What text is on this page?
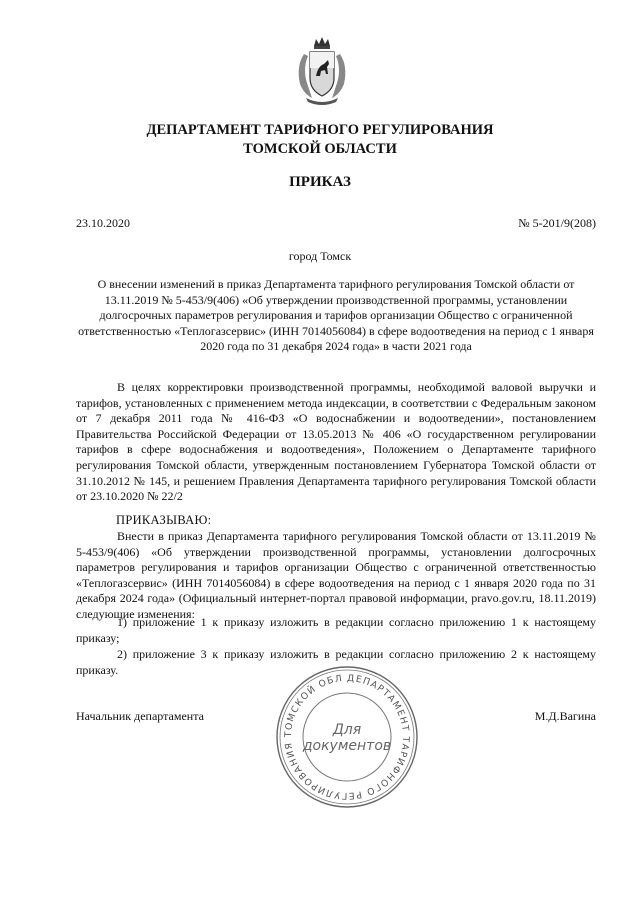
ДЕПАРТАМЕНТ ТАРИФНОГО РЕГУЛИРОВАНИЯ
ТОМСКОЙ ОБЛАСТИ
ПРИКАЗ
23.10.2020	№ 5-201/9(208)
город Томск
О внесении изменений в приказ Департамента тарифного регулирования Томской области от 13.11.2019 № 5-453/9(406) «Об утверждении производственной программы, установлении долгосрочных параметров регулирования и тарифов организации Общество с ограниченной ответственностью «Теплогазсервис» (ИНН 7014056084) в сфере водоотведения на период с 1 января 2020 года по 31 декабря 2024 года» в части 2021 года
В целях корректировки производственной программы, необходимой валовой выручки и тарифов, установленных с применением метода индексации, в соответствии с Федеральным законом от 7 декабря 2011 года № 416-ФЗ «О водоснабжении и водоотведении», постановлением Правительства Российской Федерации от 13.05.2013 № 406 «О государственном регулировании тарифов в сфере водоснабжения и водоотведения», Положением о Департаменте тарифного регулирования Томской области, утвержденным постановлением Губернатора Томской области от 31.10.2012 № 145, и решением Правления Департамента тарифного регулирования Томской области от 23.10.2020 № 22/2
ПРИКАЗЫВАЮ:
Внести в приказ Департамента тарифного регулирования Томской области от 13.11.2019 № 5-453/9(406) «Об утверждении производственной программы, установлении долгосрочных параметров регулирования и тарифов организации Общество с ограниченной ответственностью «Теплогазсервис» (ИНН 7014056084) в сфере водоотведения на период с 1 января 2020 года по 31 декабря 2024 года» (Официальный интернет-портал правовой информации, pravo.gov.ru, 18.11.2019) следующие изменения:
1) приложение 1 к приказу изложить в редакции согласно приложению 1 к настоящему приказу;
2) приложение 3 к приказу изложить в редакции согласно приложению 2 к настоящему приказу.
ДЕПАРТАМЕНТ ТАРИФНОГО РЕГУЛИРОВАНИЯ ТОМСКОЙ ОБЛ
Для
документов
Начальник департамента	М.Д.Вагина
